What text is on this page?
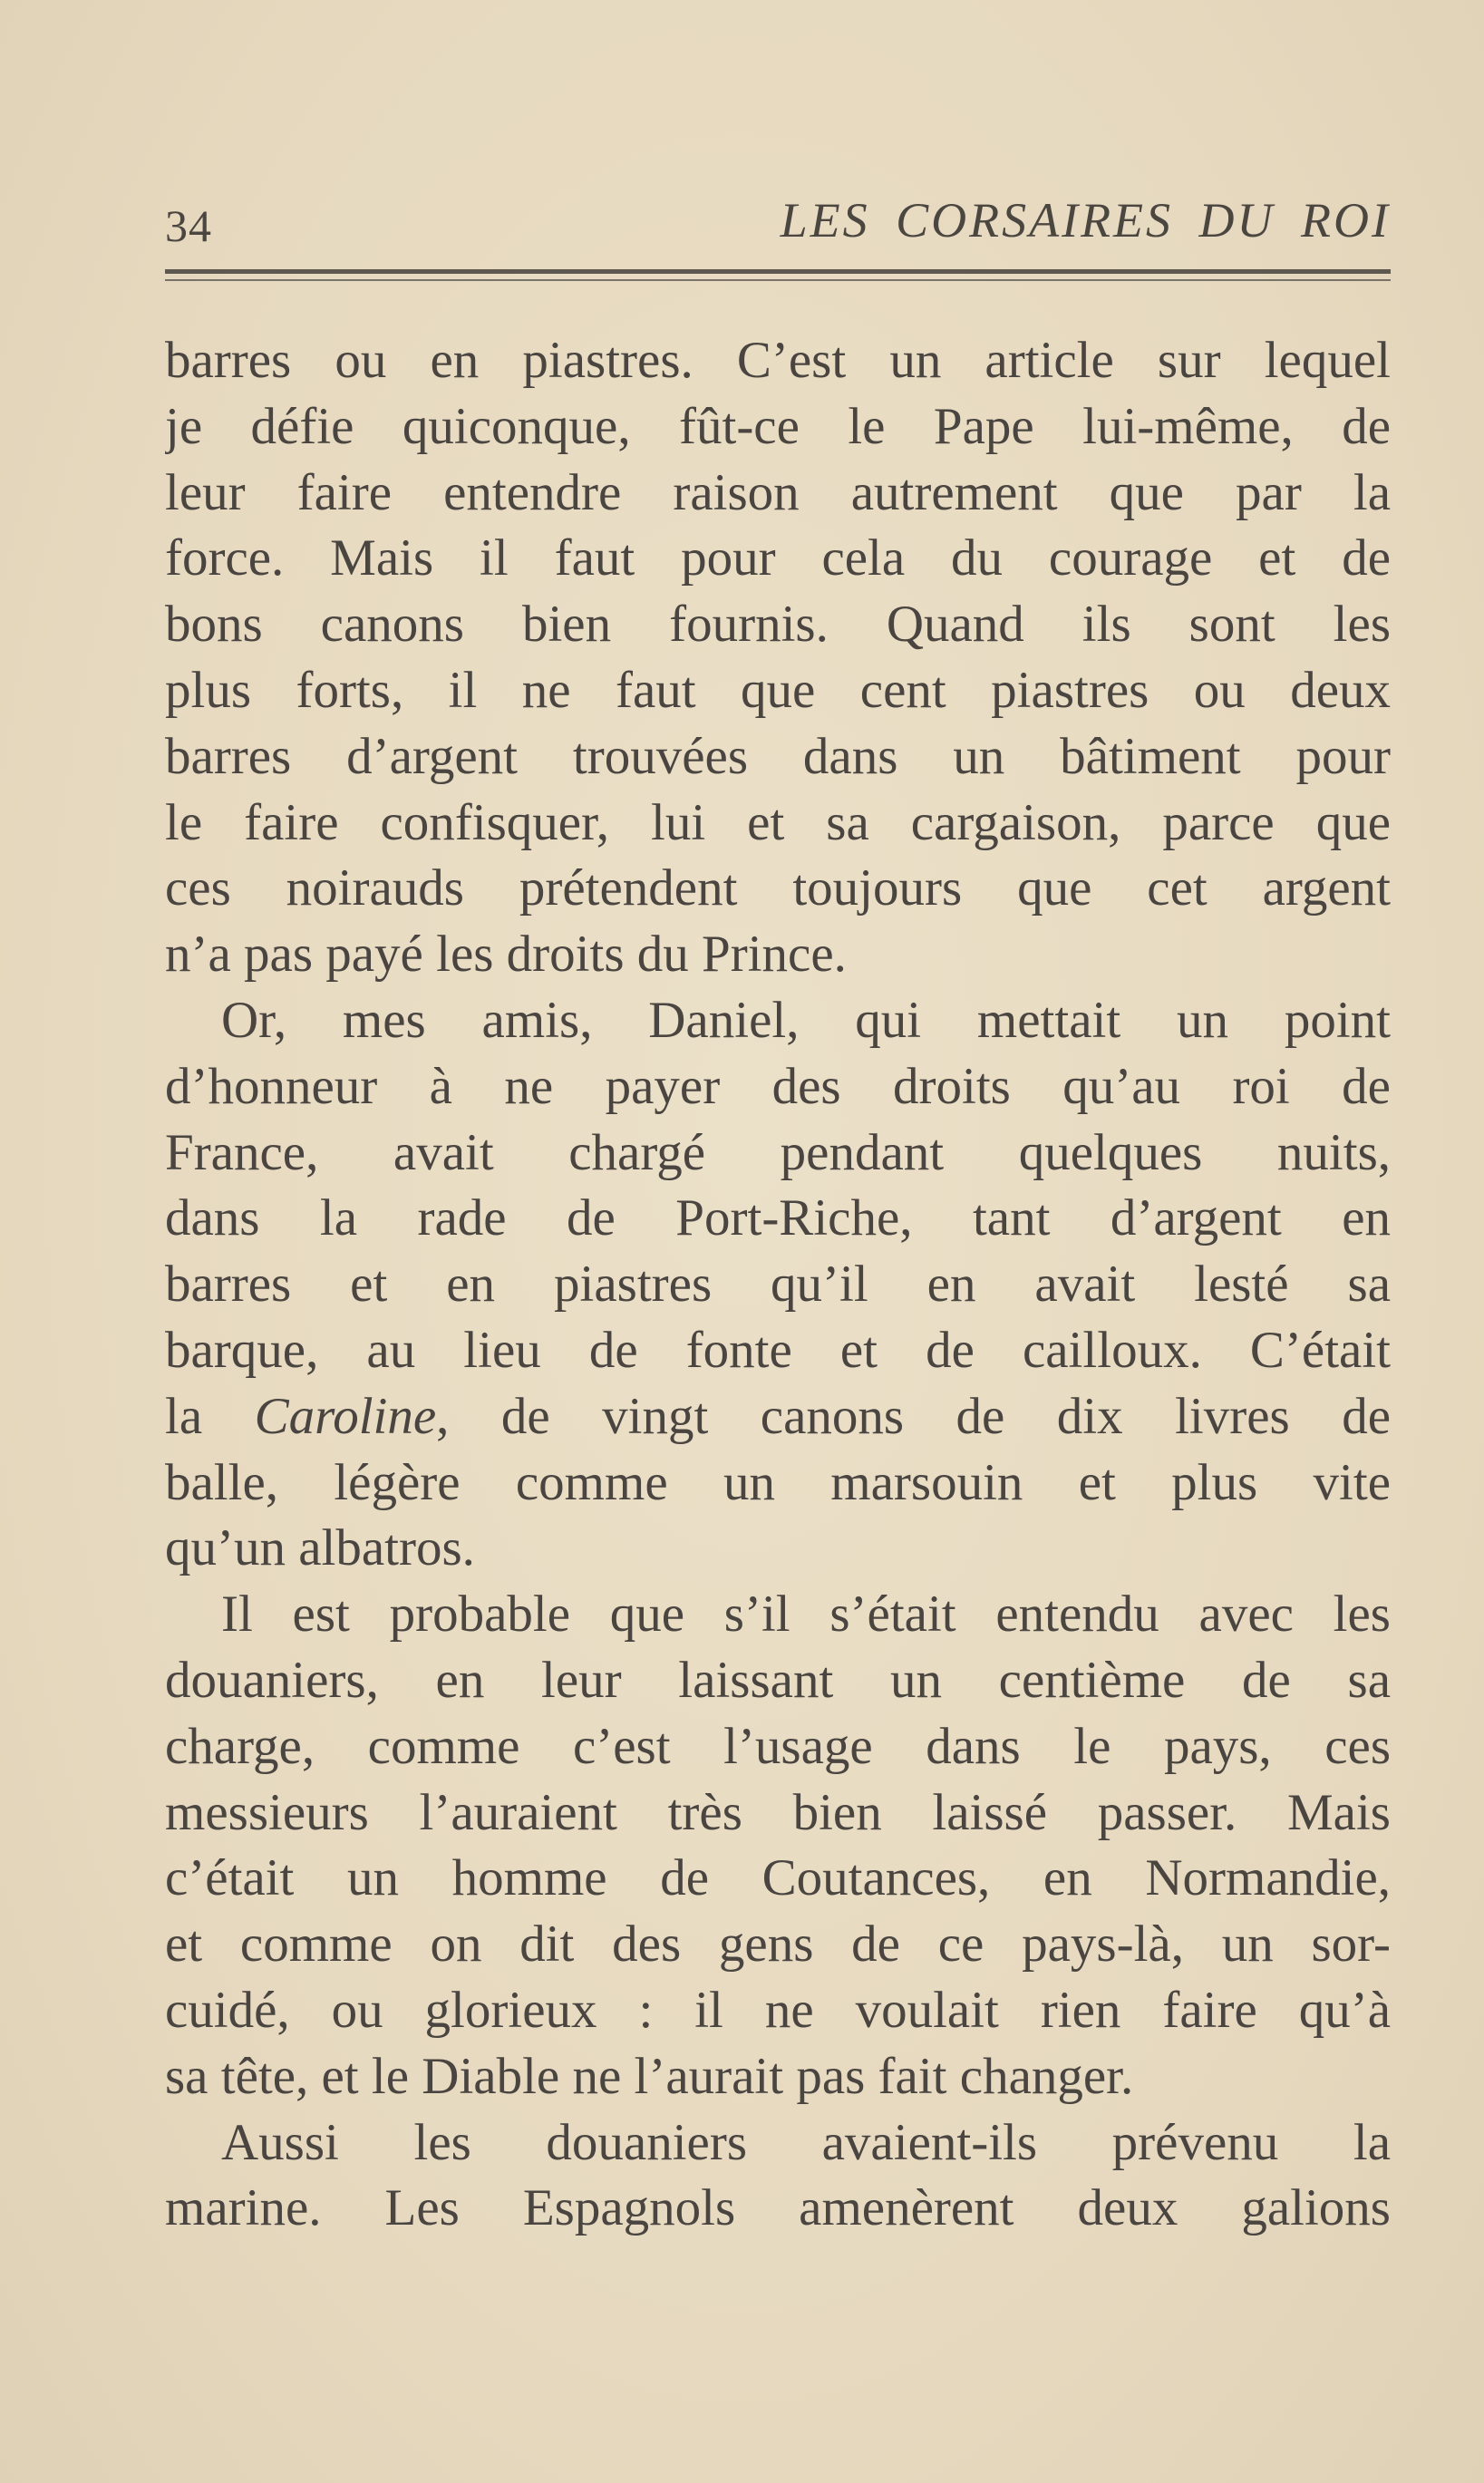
34	LES CORSAIRES DU ROI
barres ou en piastres. C’est un article sur lequel
je défie quiconque, fût-ce le Pape lui-même, de
leur faire entendre raison autrement que par la
force. Mais il faut pour cela du courage et de
bons canons bien fournis. Quand ils sont les
plus forts, il ne faut que cent piastres ou deux
barres d’argent trouvées dans un bâtiment pour
le faire confisquer, lui et sa cargaison, parce que
ces noirauds prétendent toujours que cet argent
n’a pas payé les droits du Prince.
Or, mes amis, Daniel, qui mettait un point
d’honneur à ne payer des droits qu’au roi de
France, avait chargé pendant quelques nuits,
dans la rade de Port-Riche, tant d’argent en
barres et en piastres qu’il en avait lesté sa
barque, au lieu de fonte et de cailloux. C’était
la Caroline, de vingt canons de dix livres de
balle, légère comme un marsouin et plus vite
qu’un albatros.
Il est probable que s’il s’était entendu avec les
douaniers, en leur laissant un centième de sa
charge, comme c’est l’usage dans le pays, ces
messieurs l’auraient très bien laissé passer. Mais
c’était un homme de Coutances, en Normandie,
et comme on dit des gens de ce pays-là, un sor-
cuidé, ou glorieux : il ne voulait rien faire qu’à
sa tête, et le Diable ne l’aurait pas fait changer.
Aussi les douaniers avaient-ils prévenu la
marine. Les Espagnols amenèrent deux galions
